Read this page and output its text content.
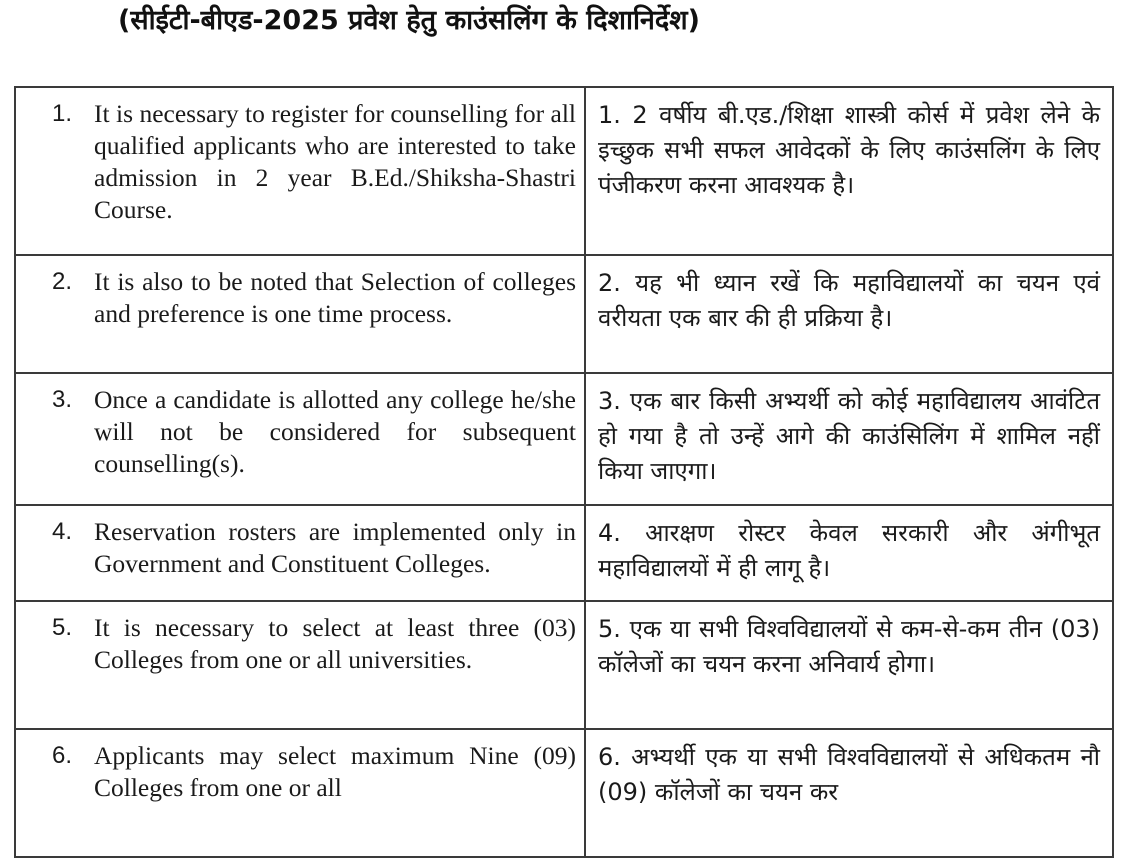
(सीईटी-बीएड-2025 प्रवेश हेतु काउंसलिंग के दिशानिर्देश)
1. It is necessary to register for counselling for all qualified applicants who are interested to take admission in 2 year B.Ed./Shiksha-Shastri Course.	1. 2 वर्षीय बी.एड./शिक्षा शास्त्री कोर्स में प्रवेश लेने के इच्छुक सभी सफल आवेदकों के लिए काउंसलिंग के लिए पंजीकरण करना आवश्यक है।

2. It is also to be noted that Selection of colleges and preference is one time process.	2. यह भी ध्यान रखें कि महाविद्यालयों का चयन एवं वरीयता एक बार की ही प्रक्रिया है।

3. Once a candidate is allotted any college he/she will not be considered for subsequent counselling(s).	3. एक बार किसी अभ्यर्थी को कोई महाविद्यालय आवंटित हो गया है तो उन्हें आगे की काउंसिलिंग में शामिल नहीं किया जाएगा।

4. Reservation rosters are implemented only in Government and Constituent Colleges.	4. आरक्षण रोस्टर केवल सरकारी और अंगीभूत महाविद्यालयों में ही लागू है।

5. It is necessary to select at least three (03) Colleges from one or all universities.	5. एक या सभी विश्वविद्यालयों से कम-से-कम तीन (03) कॉलेजों का चयन करना अनिवार्य होगा।

6. Applicants may select maximum Nine (09) Colleges from one or all	6. अभ्यर्थी एक या सभी विश्वविद्यालयों से अधिकतम नौ (09) कॉलेजों का चयन कर
